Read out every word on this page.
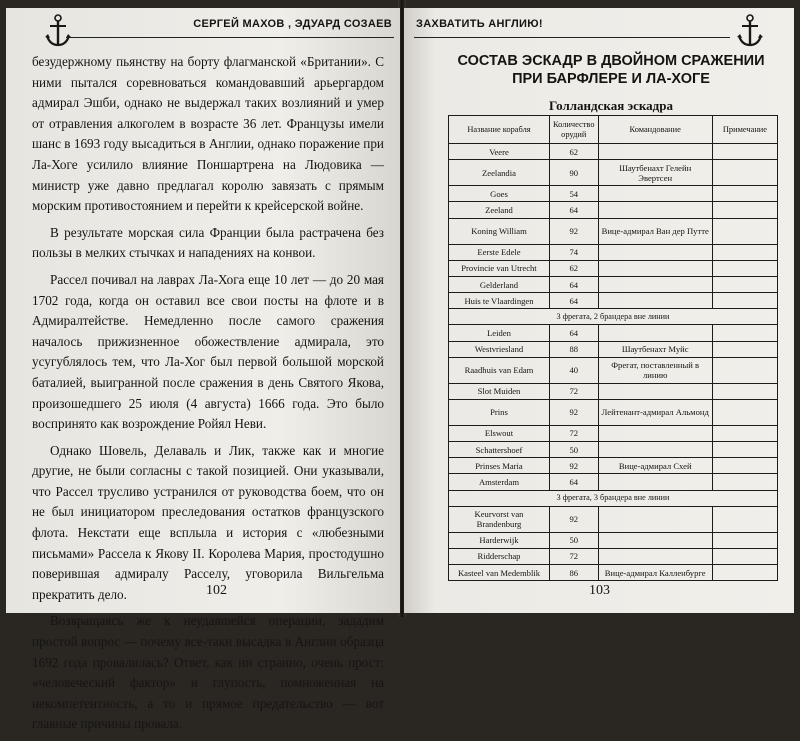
СЕРГЕЙ МАХОВ , ЭДУАРД СОЗАЕВ

безудержному пьянству на борту флагманской «Британии». С ними пытался соревноваться командовавший арьергардом адмирал Эшби, однако не выдержал таких возлияний и умер от отравления алкоголем в возрасте 36 лет. Французы имели шанс в 1693 году высадиться в Англии, однако поражение при Ла-Хоге усилило влияние Поншартрена на Людовика — министр уже давно предлагал королю завязать с прямым морским противостоянием и перейти к крейсерской войне.

В результате морская сила Франции была растрачена без пользы в мелких стычках и нападениях на конвои.

Рассел почивал на лаврах Ла-Хога еще 10 лет — до 20 мая 1702 года, когда он оставил все свои посты на флоте и в Адмиралтействе. Немедленно после самого сражения началось прижизненное обожествление адмирала, это усугублялось тем, что Ла-Хог был первой большой морской баталией, выигранной после сражения в день Святого Якова, произошедшего 25 июля (4 августа) 1666 года. Это было воспринято как возрождение Ройял Неви.

Однако Шовель, Делаваль и Лик, также как и многие другие, не были согласны с такой позицией. Они указывали, что Рассел трусливо устранился от руководства боем, что он не был инициатором преследования остатков французского флота. Некстати еще всплыла и история с «любезными письмами» Рассела к Якову II. Королева Мария, простодушно поверившая адмиралу Расселу, уговорила Вильгельма прекратить дело.

Возвращаясь же к неудавшейся операции, зададим простой вопрос — почему все-таки высадка в Англии образца 1692 года провалилась? Ответ, как ни странно, очень прост: «человеческий фактор» и глупость, помноженная на некомпетентность, а то и прямое предательство — вот главные причины провала.

102
ЗАХВАТИТЬ АНГЛИЮ!
СОСТАВ ЭСКАДР В ДВОЙНОМ СРАЖЕНИИ
ПРИ БАРФЛЕРЕ И ЛА-ХОГЕ
Голландская эскадра
Название корабля	Количество орудий	Командование	Примечание
Veere	62		
Zeelandia	90	Шаутбенахт Гелейн Эвертсен	
Goes	54		
Zeeland	64		
Koning William	92	Вице-адмирал Ван дер Путте	
Eerste Edele	74		
Provincie van Utrecht	62		
Gelderland	64		
Huis te Vlaardingen	64		
3 фрегата, 2 брандера вне линии			
Leiden	64		
Westvriesland	88	Шаутбенахт Муйс	
Raadhuis van Edam	40	Фрегат, поставленный в линию	
Slot Muiden	72		
Prins	92	Лейтенант-адмирал Альмонд	
Elswout	72		
Schattershoef	50		
Prinses Maria	92	Вице-адмирал Схей	
Amsterdam	64		
3 фрегата, 3 брандера вне линии			
Keurvorst van Brandenburg	92		
Harderwijk	50		
Ridderschap	72		
Kasteel van Medemblik	86	Вице-адмирал Калленбурге	
103
